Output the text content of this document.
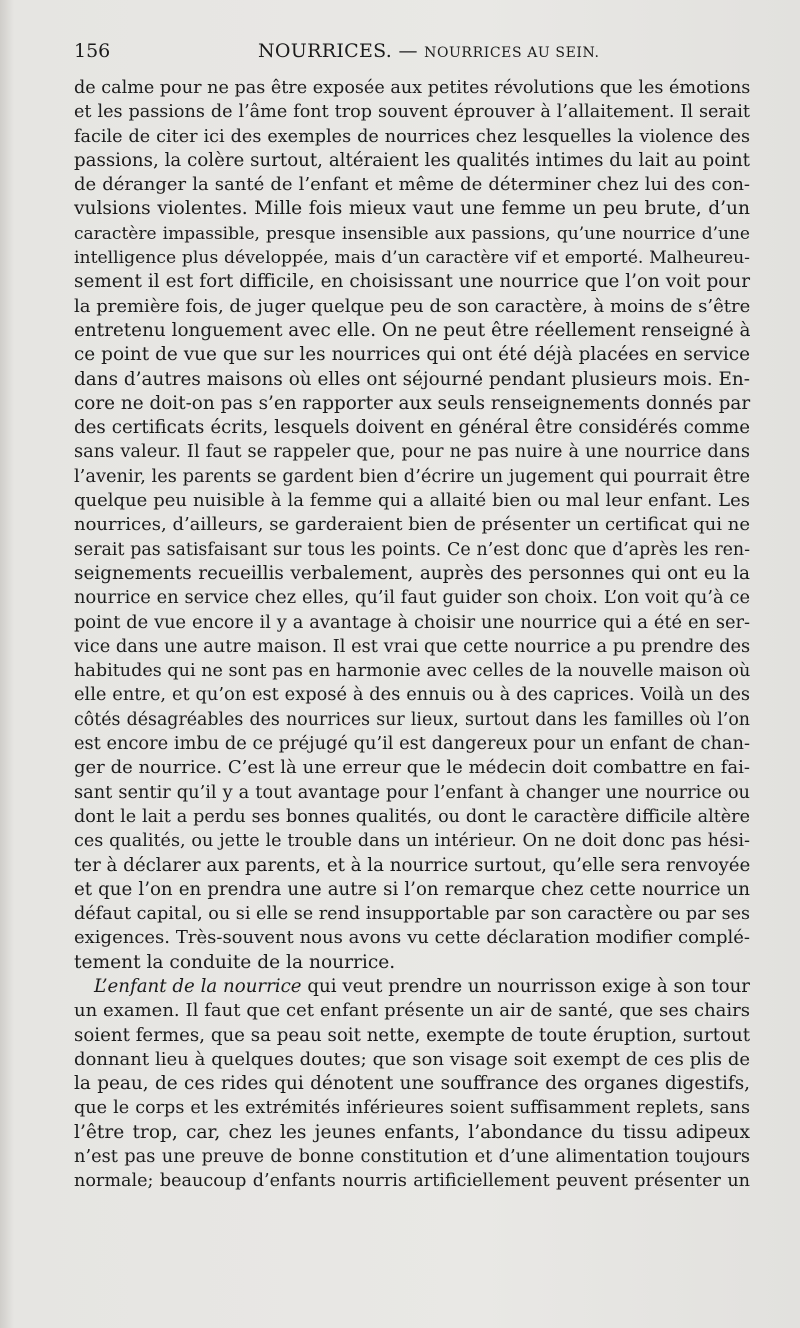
156	NOURRICES. — NOURRICES AU SEIN.
de calme pour ne pas être exposée aux petites révolutions que les émotions
et les passions de l’âme font trop souvent éprouver à l’allaitement. Il serait
facile de citer ici des exemples de nourrices chez lesquelles la violence des
passions, la colère surtout, altéraient les qualités intimes du lait au point
de déranger la santé de l’enfant et même de déterminer chez lui des con-
vulsions violentes. Mille fois mieux vaut une femme un peu brute, d’un
caractère impassible, presque insensible aux passions, qu’une nourrice d’une
intelligence plus développée, mais d’un caractère vif et emporté. Malheureu-
sement il est fort difficile, en choisissant une nourrice que l’on voit pour
la première fois, de juger quelque peu de son caractère, à moins de s’être
entretenu longuement avec elle. On ne peut être réellement renseigné à
ce point de vue que sur les nourrices qui ont été déjà placées en service
dans d’autres maisons où elles ont séjourné pendant plusieurs mois. En-
core ne doit-on pas s’en rapporter aux seuls renseignements donnés par
des certificats écrits, lesquels doivent en général être considérés comme
sans valeur. Il faut se rappeler que, pour ne pas nuire à une nourrice dans
l’avenir, les parents se gardent bien d’écrire un jugement qui pourrait être
quelque peu nuisible à la femme qui a allaité bien ou mal leur enfant. Les
nourrices, d’ailleurs, se garderaient bien de présenter un certificat qui ne
serait pas satisfaisant sur tous les points. Ce n’est donc que d’après les ren-
seignements recueillis verbalement, auprès des personnes qui ont eu la
nourrice en service chez elles, qu’il faut guider son choix. L’on voit qu’à ce
point de vue encore il y a avantage à choisir une nourrice qui a été en ser-
vice dans une autre maison. Il est vrai que cette nourrice a pu prendre des
habitudes qui ne sont pas en harmonie avec celles de la nouvelle maison où
elle entre, et qu’on est exposé à des ennuis ou à des caprices. Voilà un des
côtés désagréables des nourrices sur lieux, surtout dans les familles où l’on
est encore imbu de ce préjugé qu’il est dangereux pour un enfant de chan-
ger de nourrice. C’est là une erreur que le médecin doit combattre en fai-
sant sentir qu’il y a tout avantage pour l’enfant à changer une nourrice ou
dont le lait a perdu ses bonnes qualités, ou dont le caractère difficile altère
ces qualités, ou jette le trouble dans un intérieur. On ne doit donc pas hési-
ter à déclarer aux parents, et à la nourrice surtout, qu’elle sera renvoyée
et que l’on en prendra une autre si l’on remarque chez cette nourrice un
défaut capital, ou si elle se rend insupportable par son caractère ou par ses
exigences. Très-souvent nous avons vu cette déclaration modifier complé-
tement la conduite de la nourrice.
L’enfant de la nourrice qui veut prendre un nourrisson exige à son tour
un examen. Il faut que cet enfant présente un air de santé, que ses chairs
soient fermes, que sa peau soit nette, exempte de toute éruption, surtout
donnant lieu à quelques doutes; que son visage soit exempt de ces plis de
la peau, de ces rides qui dénotent une souffrance des organes digestifs,
que le corps et les extrémités inférieures soient suffisamment replets, sans
l’être trop, car, chez les jeunes enfants, l’abondance du tissu adipeux
n’est pas une preuve de bonne constitution et d’une alimentation toujours
normale; beaucoup d’enfants nourris artificiellement peuvent présenter un
